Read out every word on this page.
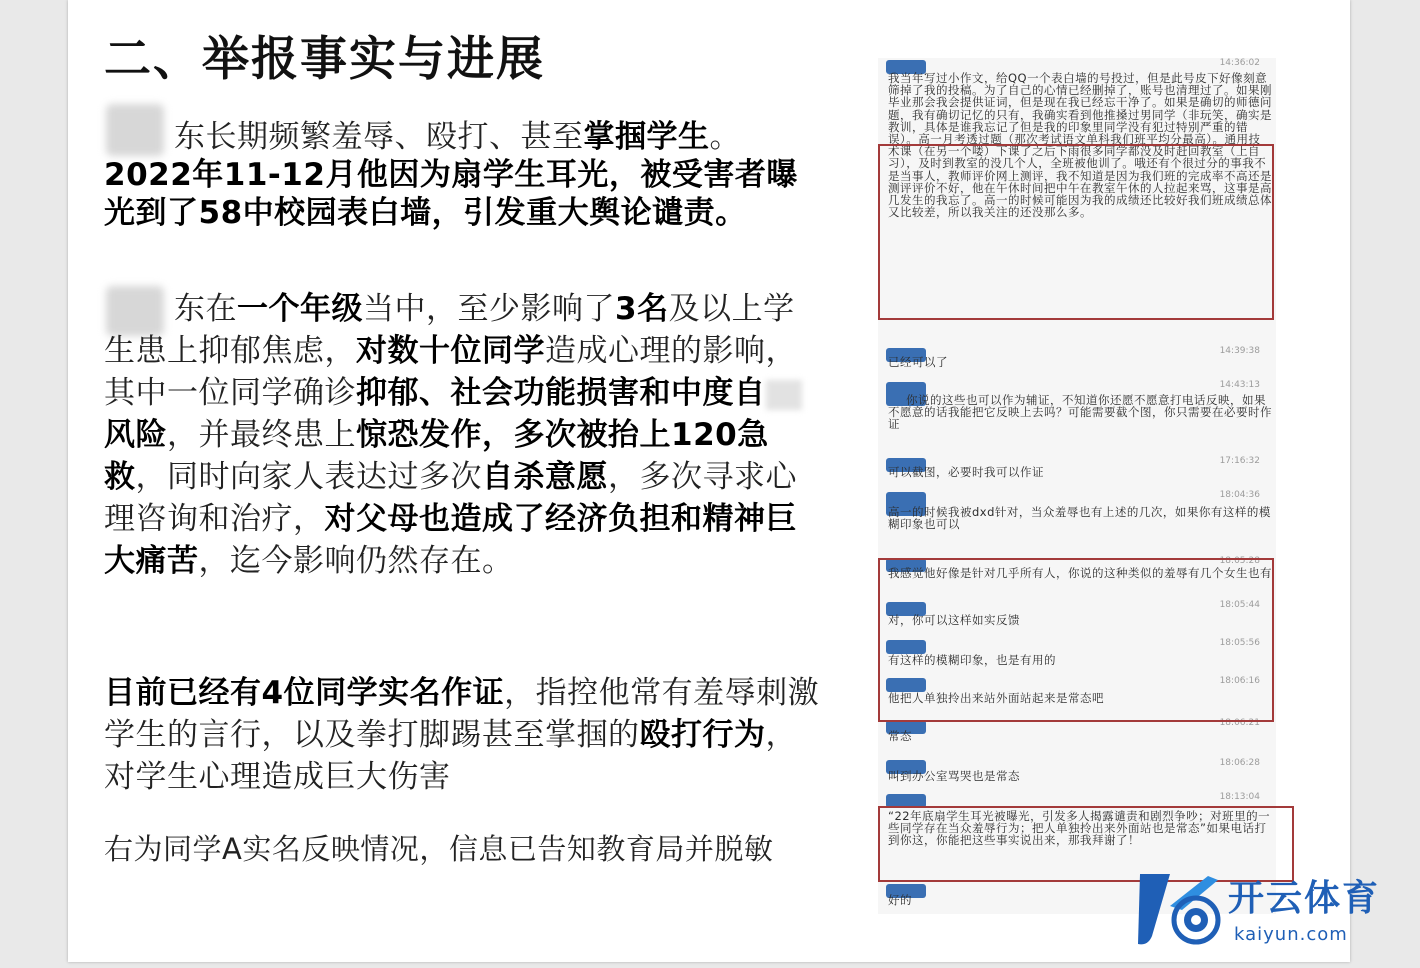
二、举报事实与进展
东长期频繁羞辱、殴打、甚至掌掴学生。
2022年11-12月他因为扇学生耳光，被受害者曝光到了58中校园表白墙，引发重大舆论谴责。
东在一个年级当中，至少影响了3名及以上学生患上抑郁焦虑，对数十位同学造成心理的影响，其中一位同学确诊抑郁、社会功能损害和中度自风险，并最终患上惊恐发作，多次被抬上120急救，同时向家人表达过多次自杀意愿，多次寻求心理咨询和治疗，对父母也造成了经济负担和精神巨大痛苦，迄今影响仍然存在。
目前已经有4位同学实名作证，指控他常有羞辱刺激学生的言行，以及拳打脚踢甚至掌掴的殴打行为，对学生心理造成巨大伤害
右为同学A实名反映情况，信息已告知教育局并脱敏
14:36:02
我当年写过小作文，给QQ一个表白墙的号投过，但是此号皮下好像刻意筛掉了我的投稿。为了自己的心情已经删掉了，账号也清理过了。如果刚毕业那会我会提供证词，但是现在我已经忘干净了。如果是确切的师德问题，我有确切记忆的只有，我确实看到他推搡过男同学（非玩笑，确实是教训，具体是谁我忘记了但是我的印象里同学没有犯过特别严重的错误）。高一月考透过题（那次考试语文单科我们班平均分最高）。通用技术课（在另一个喽）下课了之后下雨很多同学都没及时赶回教室（上自习），及时到教室的没几个人，全班被他训了。哦还有个很过分的事我不是当事人，教师评价网上测评，我不知道是因为我们班的完成率不高还是测评评价不好，他在午休时间把中午在教室午休的人拉起来骂，这事是高几发生的我忘了。高一的时候可能因为我的成绩还比较好我们班成绩总体又比较差，所以我关注的还没那么多。
14:39:38
已经可以了
14:43:13
你说的这些也可以作为辅证，不知道你还愿不愿意打电话反映，如果不愿意的话我能把它反映上去吗？可能需要截个图，你只需要在必要时作证
17:16:32
可以截图，必要时我可以作证
18:04:36
高一的时候我被dxd针对，当众羞辱也有上述的几次，如果你有这样的模糊印象也可以
18:05:28
我感觉他好像是针对几乎所有人，你说的这种类似的羞辱有几个女生也有
18:05:44
对，你可以这样如实反馈
18:05:56
有这样的模糊印象，也是有用的
18:06:16
他把人单独拎出来站外面站起来是常态吧
18:06:21
常态
18:06:28
叫到办公室骂哭也是常态
18:13:04
“22年底扇学生耳光被曝光，引发多人揭露谴责和剧烈争吵；对班里的一些同学存在当众羞辱行为；把人单独拎出来外面站也是常态”如果电话打到你这，你能把这些事实说出来，那我拜谢了！
好的	开云体育
kaiyun.com
